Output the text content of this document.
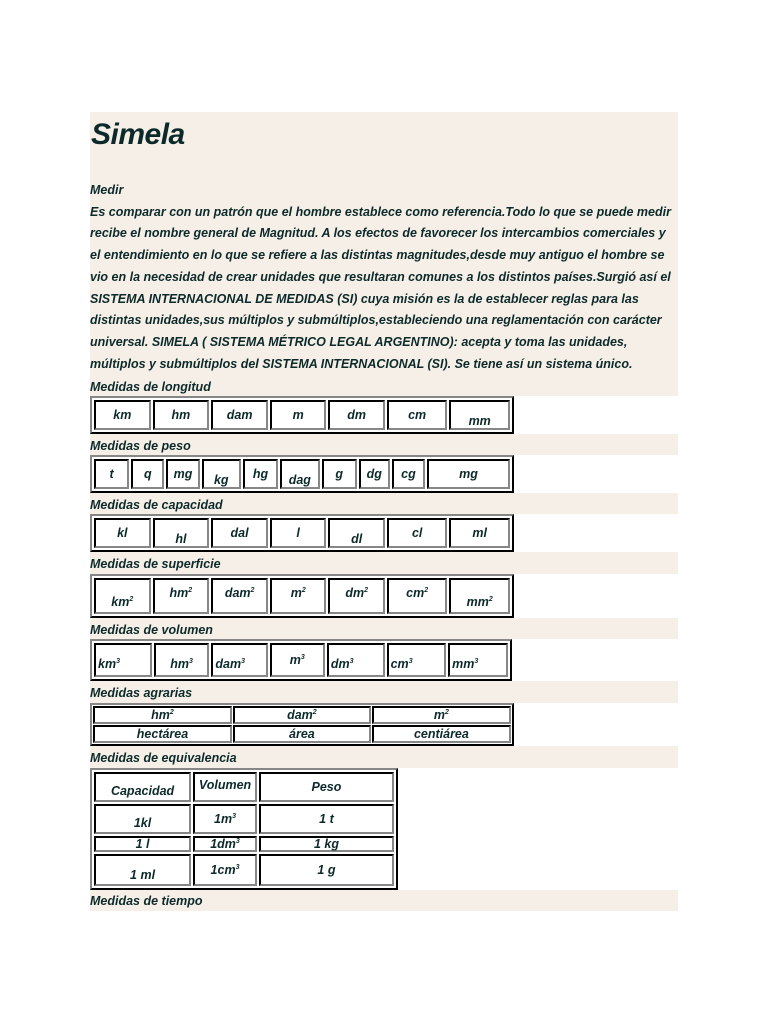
Simela
Medir
Es comparar con un patrón que el hombre establece como referencia.Todo lo que se puede medir
recibe el nombre general de Magnitud. A los efectos de favorecer los intercambios comerciales y
el entendimiento en lo que se refiere a las distintas magnitudes,desde muy antiguo el hombre se
vio en la necesidad de crear unidades que resultaran comunes a los distintos países.Surgió así el
SISTEMA INTERNACIONAL DE MEDIDAS (SI) cuya misión es la de establecer reglas para las
distintas unidades,sus múltiplos y submúltiplos,estableciendo una reglamentación con carácter
universal. SIMELA ( SISTEMA MÉTRICO LEGAL ARGENTINO): acepta y toma las unidades,
múltiplos y submúltiplos del SISTEMA INTERNACIONAL (SI). Se tiene así un sistema único.
Medidas de longitud
km	hm	dam	m	dm	cm	mm
Medidas de peso
t	q	mg	kg	hg	dag	g	dg	cg	mg
Medidas de capacidad
kl	hl	dal	l	dl	cl	ml
Medidas de superficie
$km^2$	$hm^2$	dam$^2$	$m^2$	$dm^2$	$cm^2$	$mm^2$
Medidas de volumen
$km^3$	$hm^3$	dam$^3$	$m^3$	$dm^3$	$cm^3$	$mm^3$
Medidas agrarias
$hm^2$	dam$^2$	$m^2$
hectárea	área	centiárea
Medidas de equivalencia
Capacidad	Volumen	Peso
1kl	$1m^3$	1 t
1 l	$1dm^3$	1 kg
1 ml	$1cm^3$	1 g
Medidas de tiempo
